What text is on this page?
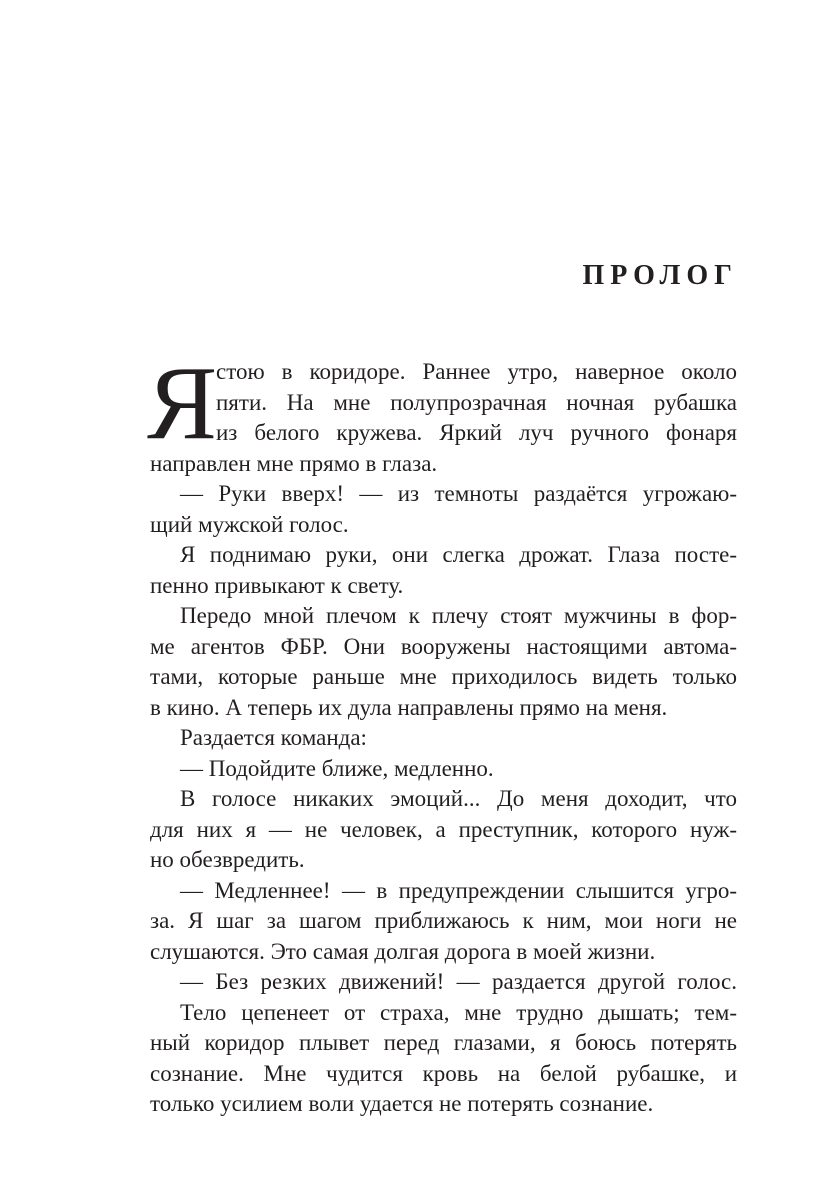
ПРОЛОГ
Я
стою в коридоре. Раннее утро, наверное около
пяти. На мне полупрозрачная ночная рубашка
из белого кружева. Яркий луч ручного фонаря
направлен мне прямо в глаза.
— Руки вверх! — из темноты раздаётся угрожаю-
щий мужской голос.
Я поднимаю руки, они слегка дрожат. Глаза посте-
пенно привыкают к свету.
Передо мной плечом к плечу стоят мужчины в фор-
ме агентов ФБР. Они вооружены настоящими автома-
тами, которые раньше мне приходилось видеть только
в кино. А теперь их дула направлены прямо на меня.
Раздается команда:
— Подойдите ближе, медленно.
В голосе никаких эмоций... До меня доходит, что
для них я — не человек, а преступник, которого нуж-
но обезвредить.
— Медленнее! — в предупреждении слышится угро-
за. Я шаг за шагом приближаюсь к ним, мои ноги не
слушаются. Это самая долгая дорога в моей жизни.
— Без резких движений! — раздается другой голос.
Тело цепенеет от страха, мне трудно дышать; тем-
ный коридор плывет перед глазами, я боюсь потерять
сознание. Мне чудится кровь на белой рубашке, и
только усилием воли удается не потерять сознание.
